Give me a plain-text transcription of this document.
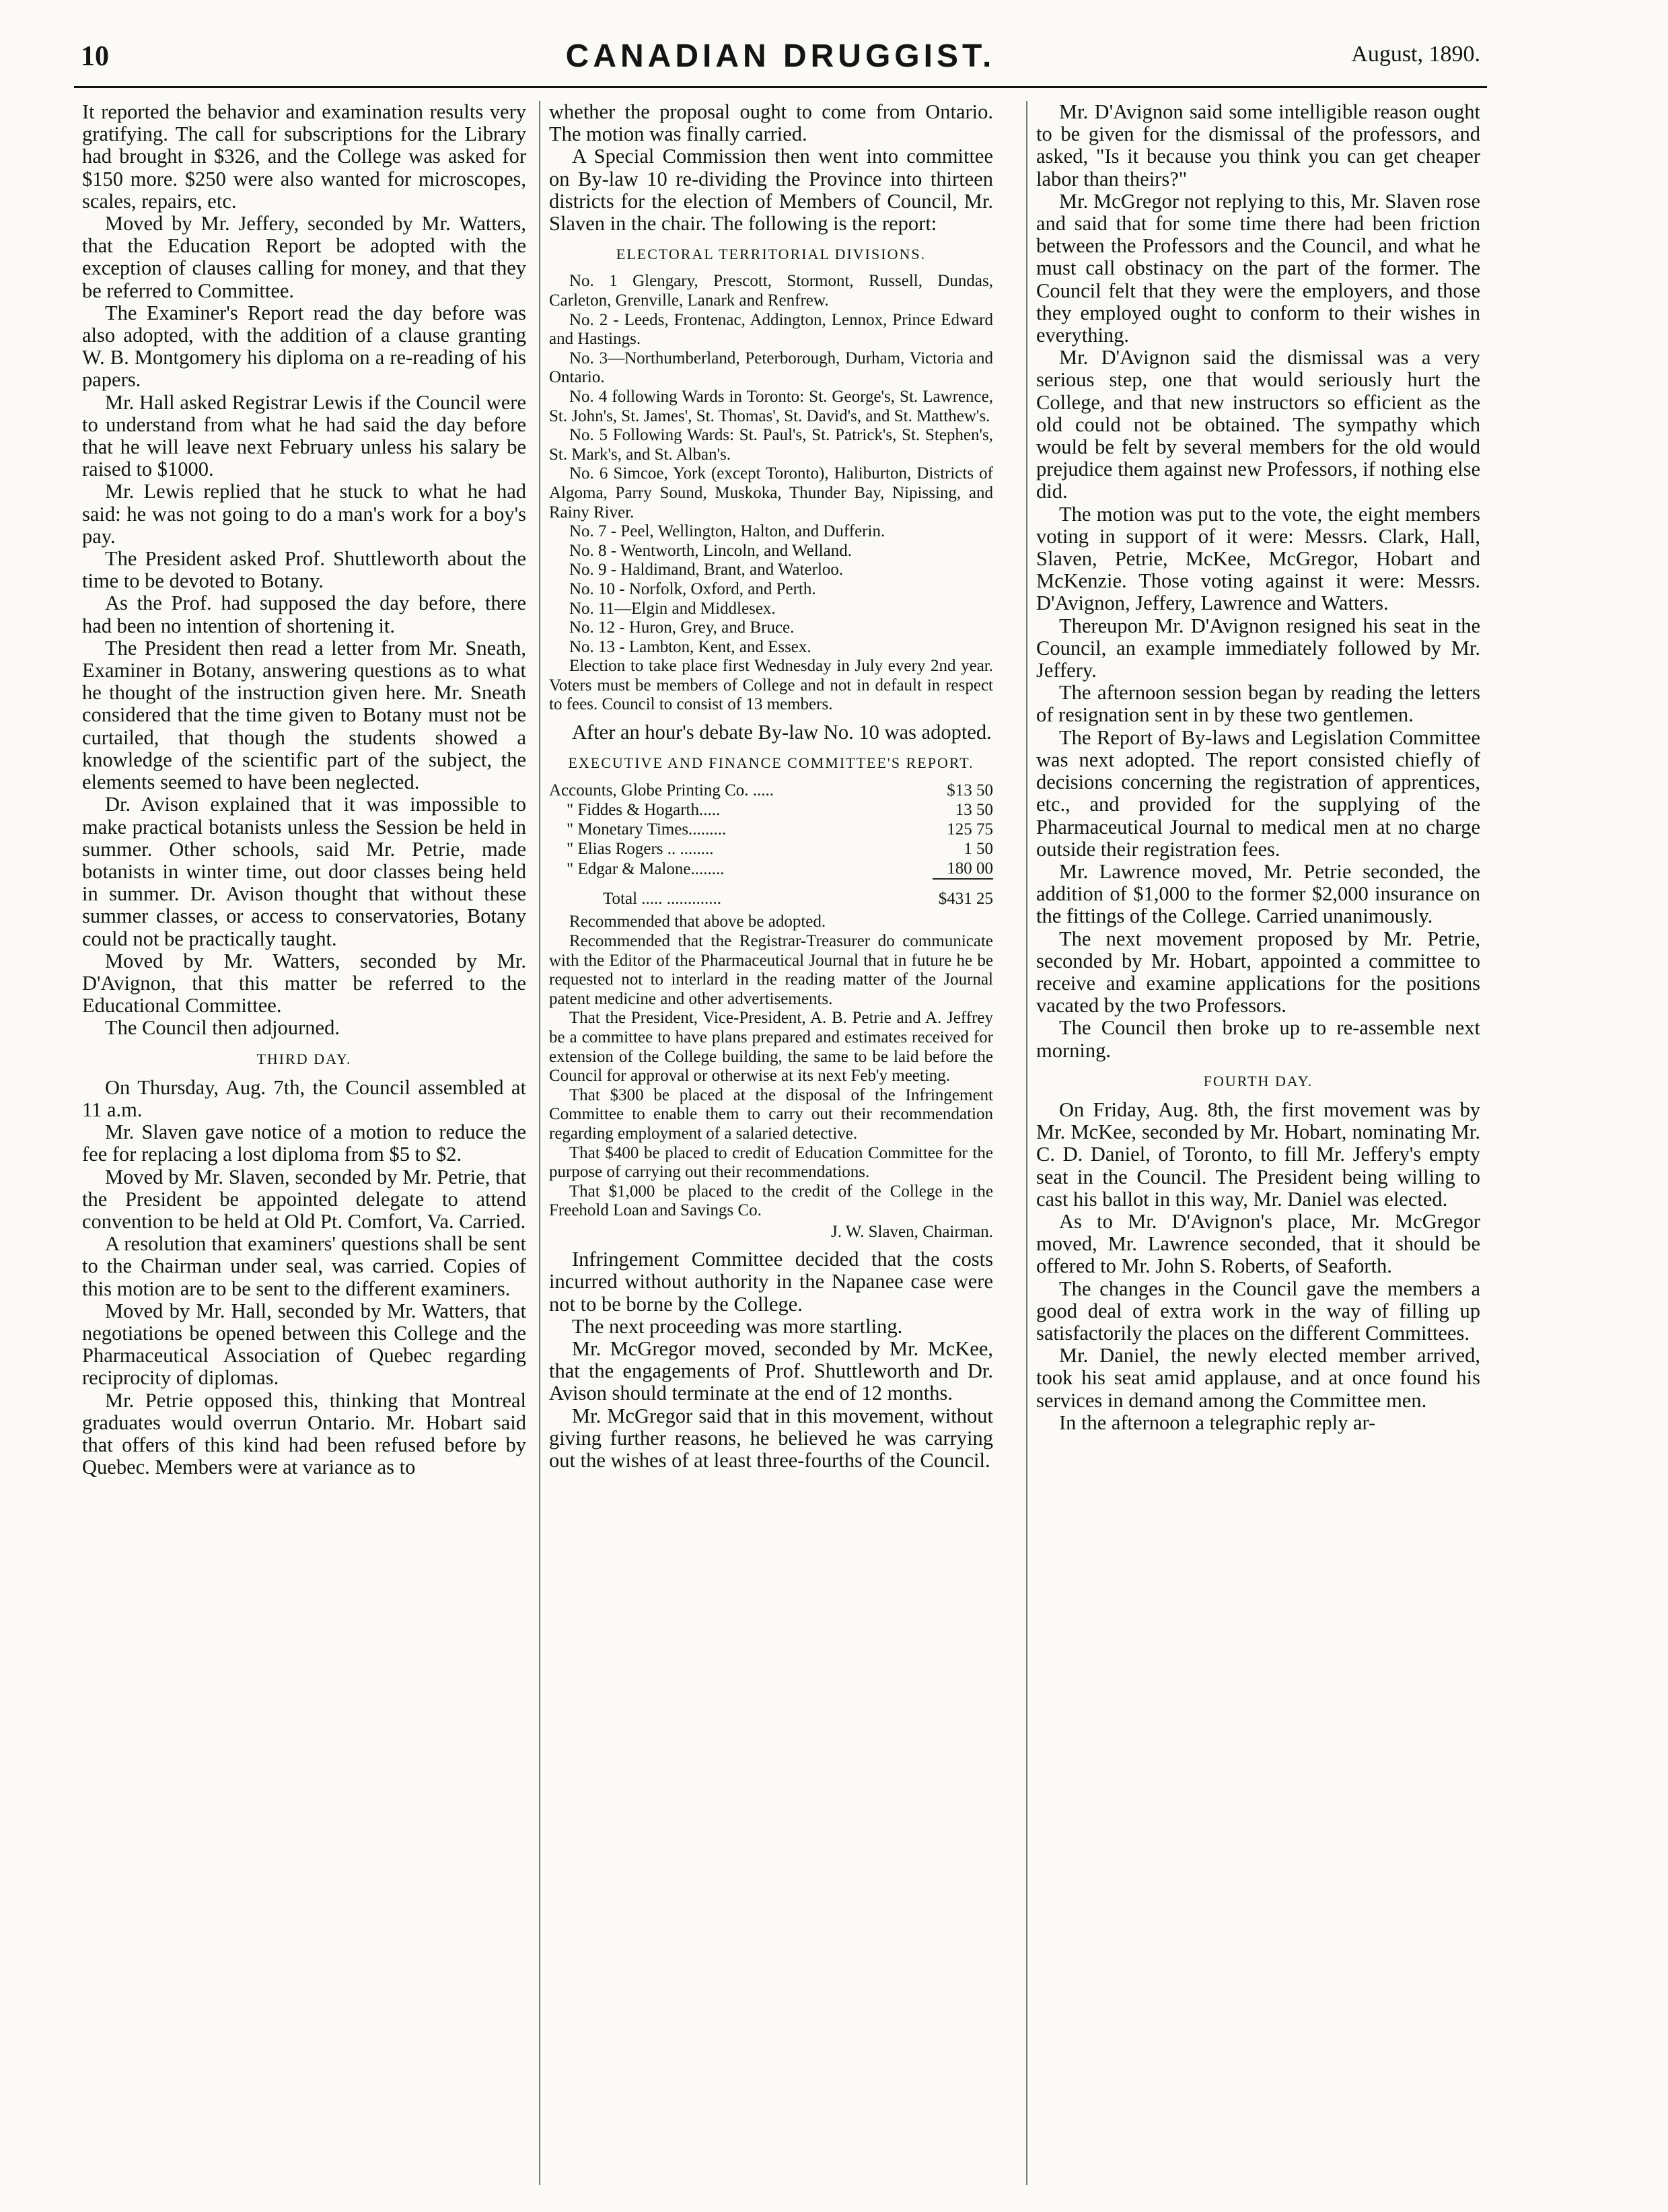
10	CANADIAN DRUGGIST.	August, 1890.

It reported the behavior and examination results very gratifying. The call for subscriptions for the Library had brought in $326, and the College was asked for $150 more. $250 were also wanted for microscopes, scales, repairs, etc.

Moved by Mr. Jeffery, seconded by Mr. Watters, that the Education Report be adopted with the exception of clauses calling for money, and that they be referred to Committee.

The Examiner's Report read the day before was also adopted, with the addition of a clause granting W. B. Montgomery his diploma on a re-reading of his papers.

Mr. Hall asked Registrar Lewis if the Council were to understand from what he had said the day before that he will leave next February unless his salary be raised to $1000.

Mr. Lewis replied that he stuck to what he had said: he was not going to do a man's work for a boy's pay.

The President asked Prof. Shuttleworth about the time to be devoted to Botany.

As the Prof. had supposed the day before, there had been no intention of shortening it.

The President then read a letter from Mr. Sneath, Examiner in Botany, answering questions as to what he thought of the instruction given here. Mr. Sneath considered that the time given to Botany must not be curtailed, that though the students showed a knowledge of the scientific part of the subject, the elements seemed to have been neglected.

Dr. Avison explained that it was impossible to make practical botanists unless the Session be held in summer. Other schools, said Mr. Petrie, made botanists in winter time, out door classes being held in summer. Dr. Avison thought that without these summer classes, or access to conservatories, Botany could not be practically taught.

Moved by Mr. Watters, seconded by Mr. D'Avignon, that this matter be referred to the Educational Committee.

The Council then adjourned.

THIRD DAY.

On Thursday, Aug. 7th, the Council assembled at 11 a.m.

Mr. Slaven gave notice of a motion to reduce the fee for replacing a lost diploma from $5 to $2.

Moved by Mr. Slaven, seconded by Mr. Petrie, that the President be appointed delegate to attend convention to be held at Old Pt. Comfort, Va. Carried.

A resolution that examiners' questions shall be sent to the Chairman under seal, was carried. Copies of this motion are to be sent to the different examiners.

Moved by Mr. Hall, seconded by Mr. Watters, that negotiations be opened between this College and the Pharmaceutical Association of Quebec regarding reciprocity of diplomas.

Mr. Petrie opposed this, thinking that Montreal graduates would overrun Ontario. Mr. Hobart said that offers of this kind had been refused before by Quebec. Members were at variance as to

whether the proposal ought to come from Ontario. The motion was finally carried.

A Special Commission then went into committee on By-law 10 re-dividing the Province into thirteen districts for the election of Members of Council, Mr. Slaven in the chair. The following is the report:

ELECTORAL TERRITORIAL DIVISIONS.

No. 1 Glengary, Prescott, Stormont, Russell, Dundas, Carleton, Grenville, Lanark and Renfrew.

No. 2 - Leeds, Frontenac, Addington, Lennox, Prince Edward and Hastings.

No. 3—Northumberland, Peterborough, Durham, Victoria and Ontario.

No. 4 following Wards in Toronto: St. George's, St. Lawrence, St. John's, St. James', St. Thomas', St. David's, and St. Matthew's.

No. 5 Following Wards: St. Paul's, St. Patrick's, St. Stephen's, St. Mark's, and St. Alban's.

No. 6 Simcoe, York (except Toronto), Haliburton, Districts of Algoma, Parry Sound, Muskoka, Thunder Bay, Nipissing, and Rainy River.

No. 7 - Peel, Wellington, Halton, and Dufferin.

No. 8 - Wentworth, Lincoln, and Welland.

No. 9 - Haldimand, Brant, and Waterloo.

No. 10 - Norfolk, Oxford, and Perth.

No. 11—Elgin and Middlesex.

No. 12 - Huron, Grey, and Bruce.

No. 13 - Lambton, Kent, and Essex.

Election to take place first Wednesday in July every 2nd year. Voters must be members of College and not in default in respect to fees. Council to consist of 13 members.

After an hour's debate By-law No. 10 was adopted.

EXECUTIVE AND FINANCE COMMITTEE'S REPORT.

Accounts, Globe Printing Co. .....	$13 50
" Fiddes & Hogarth.....	13 50
" Monetary Times.........	125 75
" Elias Rogers .. ........	1 50
" Edgar & Malone........	180 00
Total ..... .............	$431 25

Recommended that above be adopted.

Recommended that the Registrar-Treasurer do communicate with the Editor of the Pharmaceutical Journal that in future he be requested not to interlard in the reading matter of the Journal patent medicine and other advertisements.

That the President, Vice-President, A. B. Petrie and A. Jeffrey be a committee to have plans prepared and estimates received for extension of the College building, the same to be laid before the Council for approval or otherwise at its next Feb'y meeting.

That $300 be placed at the disposal of the Infringement Committee to enable them to carry out their recommendation regarding employment of a salaried detective.

That $400 be placed to credit of Education Committee for the purpose of carrying out their recommendations.

That $1,000 be placed to the credit of the College in the Freehold Loan and Savings Co.

J. W. Slaven, Chairman.

Infringement Committee decided that the costs incurred without authority in the Napanee case were not to be borne by the College.

The next proceeding was more startling.

Mr. McGregor moved, seconded by Mr. McKee, that the engagements of Prof. Shuttleworth and Dr. Avison should terminate at the end of 12 months.

Mr. McGregor said that in this movement, without giving further reasons, he believed he was carrying out the wishes of at least three-fourths of the Council.

Mr. D'Avignon said some intelligible reason ought to be given for the dismissal of the professors, and asked, "Is it because you think you can get cheaper labor than theirs?"

Mr. McGregor not replying to this, Mr. Slaven rose and said that for some time there had been friction between the Professors and the Council, and what he must call obstinacy on the part of the former. The Council felt that they were the employers, and those they employed ought to conform to their wishes in everything.

Mr. D'Avignon said the dismissal was a very serious step, one that would seriously hurt the College, and that new instructors so efficient as the old could not be obtained. The sympathy which would be felt by several members for the old would prejudice them against new Professors, if nothing else did.

The motion was put to the vote, the eight members voting in support of it were: Messrs. Clark, Hall, Slaven, Petrie, McKee, McGregor, Hobart and McKenzie. Those voting against it were: Messrs. D'Avignon, Jeffery, Lawrence and Watters.

Thereupon Mr. D'Avignon resigned his seat in the Council, an example immediately followed by Mr. Jeffery.

The afternoon session began by reading the letters of resignation sent in by these two gentlemen.

The Report of By-laws and Legislation Committee was next adopted. The report consisted chiefly of decisions concerning the registration of apprentices, etc., and provided for the supplying of the Pharmaceutical Journal to medical men at no charge outside their registration fees.

Mr. Lawrence moved, Mr. Petrie seconded, the addition of $1,000 to the former $2,000 insurance on the fittings of the College. Carried unanimously.

The next movement proposed by Mr. Petrie, seconded by Mr. Hobart, appointed a committee to receive and examine applications for the positions vacated by the two Professors.

The Council then broke up to re-assemble next morning.

FOURTH DAY.

On Friday, Aug. 8th, the first movement was by Mr. McKee, seconded by Mr. Hobart, nominating Mr. C. D. Daniel, of Toronto, to fill Mr. Jeffery's empty seat in the Council. The President being willing to cast his ballot in this way, Mr. Daniel was elected.

As to Mr. D'Avignon's place, Mr. McGregor moved, Mr. Lawrence seconded, that it should be offered to Mr. John S. Roberts, of Seaforth.

The changes in the Council gave the members a good deal of extra work in the way of filling up satisfactorily the places on the different Committees.

Mr. Daniel, the newly elected member arrived, took his seat amid applause, and at once found his services in demand among the Committee men.

In the afternoon a telegraphic reply ar-
